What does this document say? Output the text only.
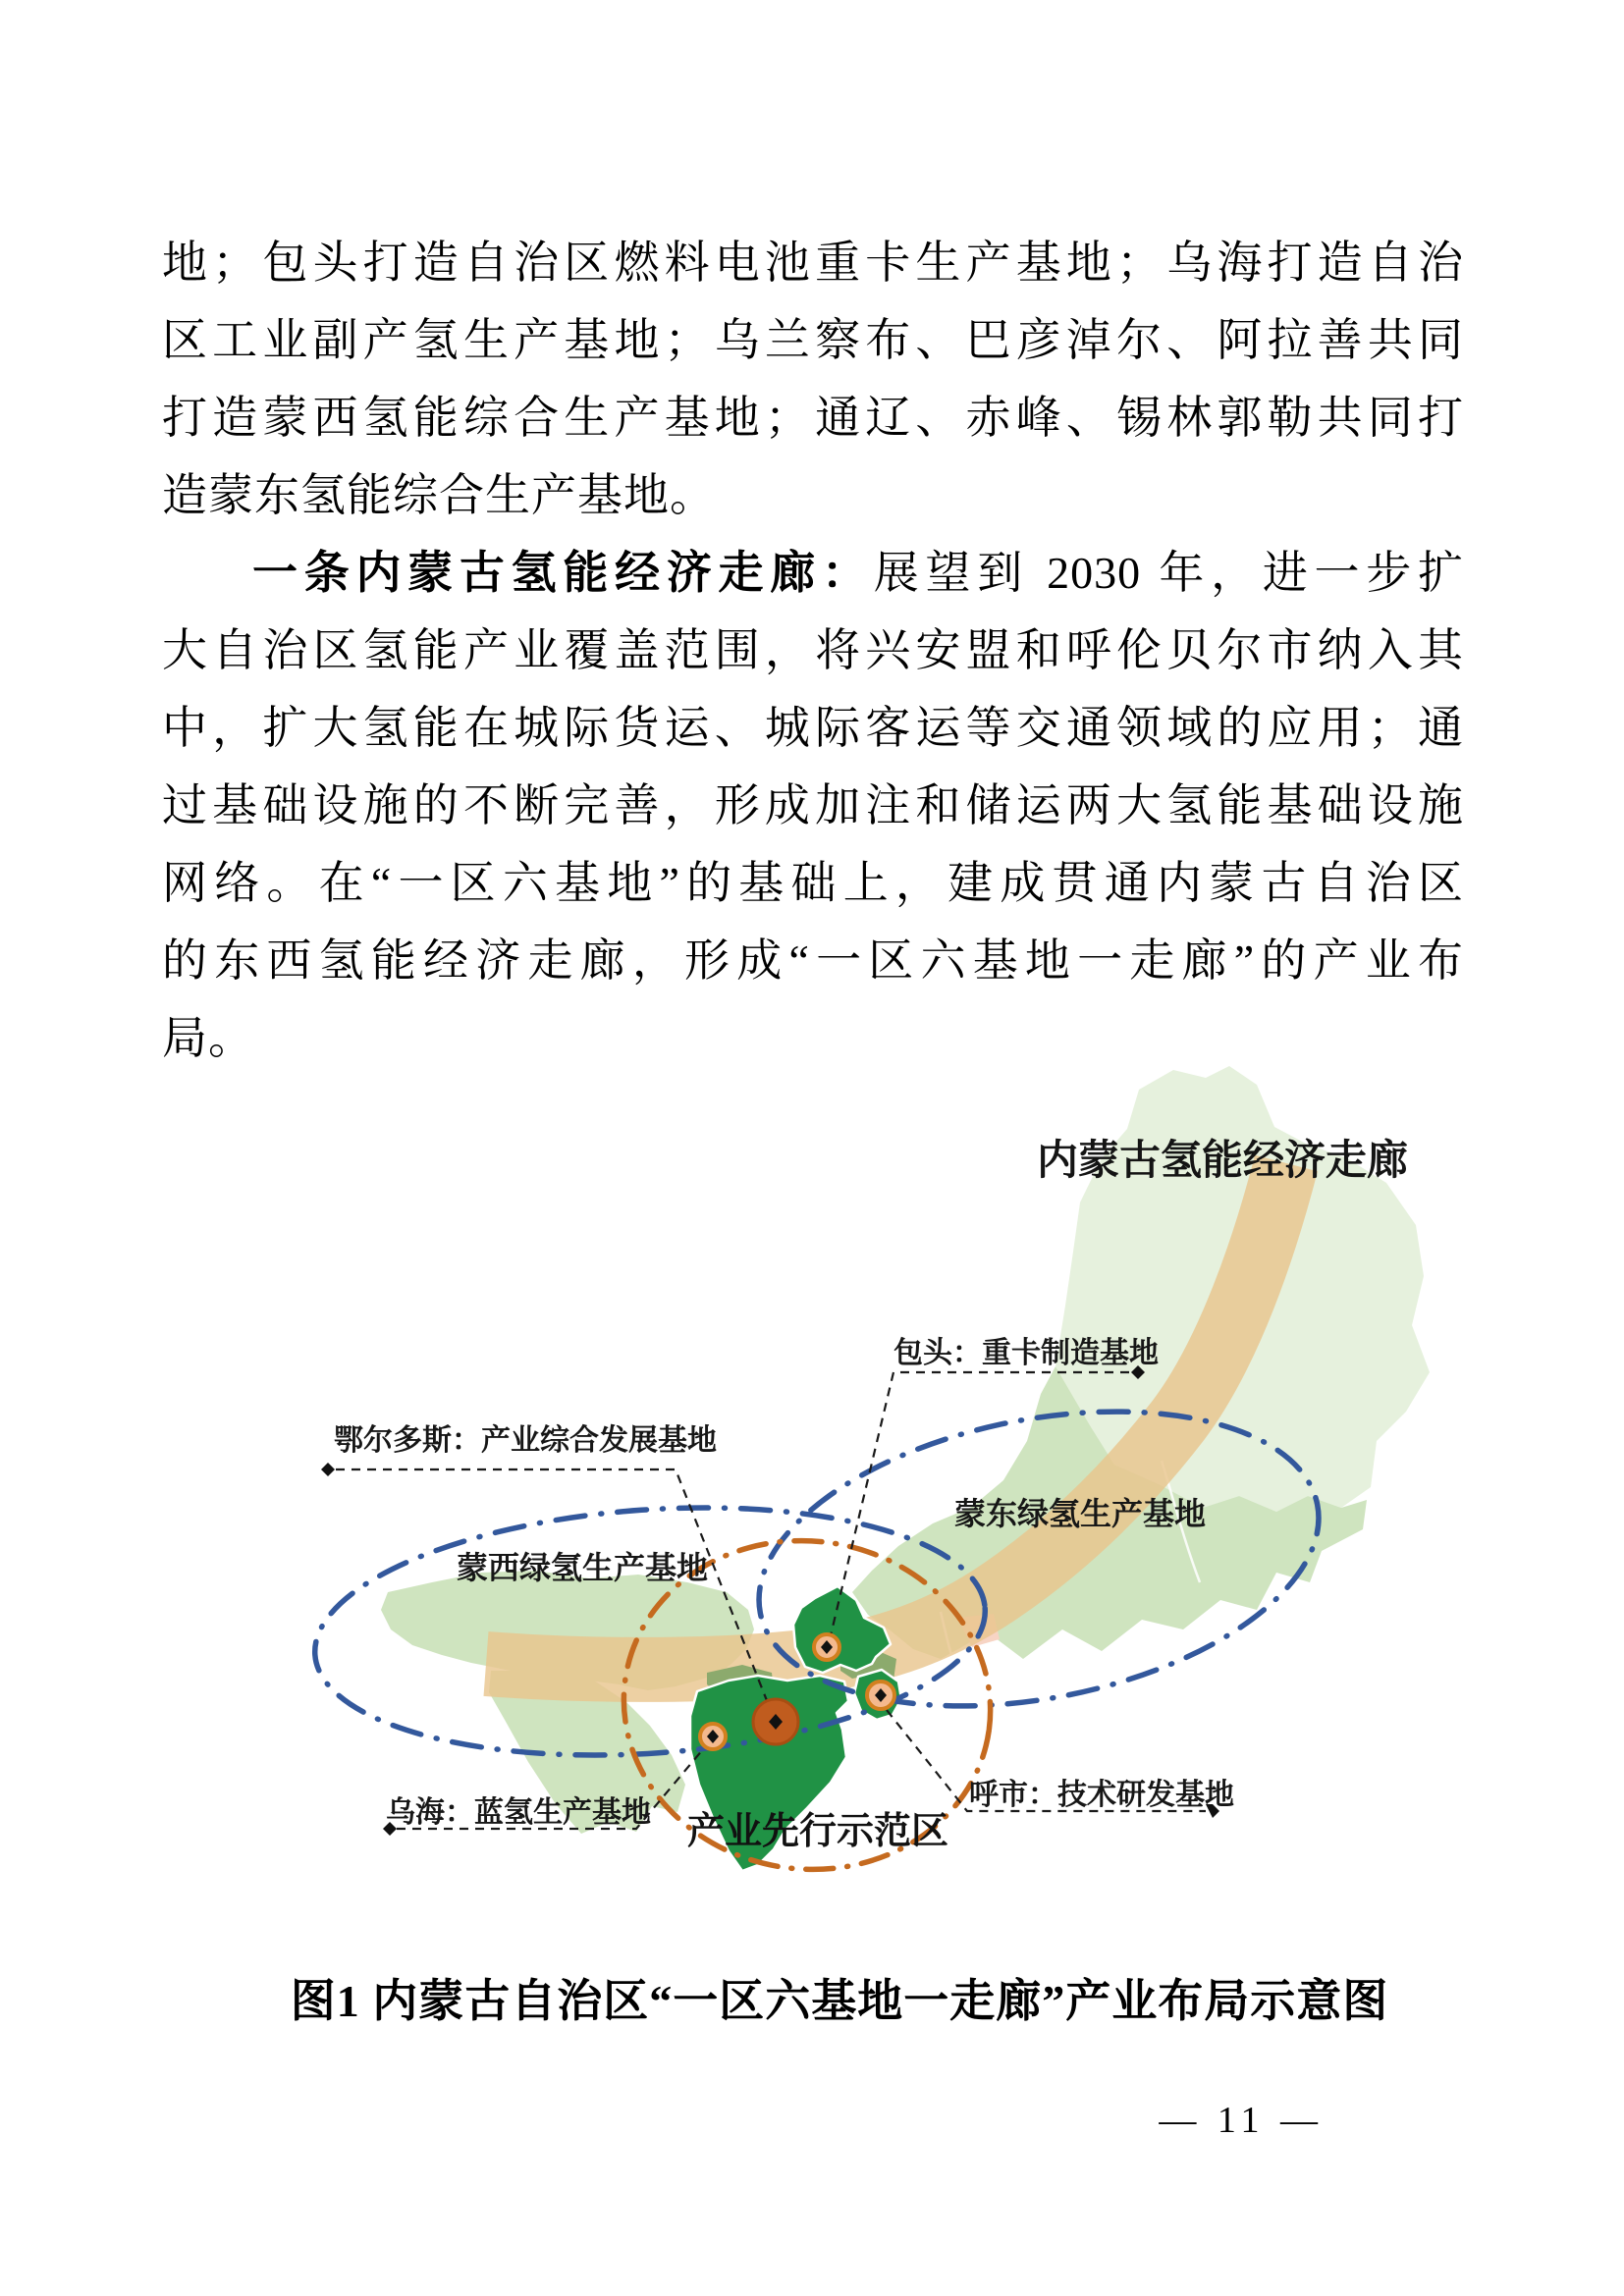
地；包头打造自治区燃料电池重卡生产基地；乌海打造自治
区工业副产氢生产基地；乌兰察布、巴彦淖尔、阿拉善共同
打造蒙西氢能综合生产基地；通辽、赤峰、锡林郭勒共同打
造蒙东氢能综合生产基地。
一条内蒙古氢能经济走廊：展望到 2030 年，进一步扩
大自治区氢能产业覆盖范围，将兴安盟和呼伦贝尔市纳入其
中，扩大氢能在城际货运、城际客运等交通领域的应用；通
过基础设施的不断完善，形成加注和储运两大氢能基础设施
网络。在“一区六基地”的基础上，建成贯通内蒙古自治区
的东西氢能经济走廊，形成“一区六基地一走廊”的产业布
局。
内蒙古氢能经济走廊
蒙东绿氢生产基地
蒙西绿氢生产基地
产业先行示范区
鄂尔多斯：产业综合发展基地
包头：重卡制造基地
乌海：蓝氢生产基地
呼市：技术研发基地
图1 内蒙古自治区“一区六基地一走廊”产业布局示意图
— 11 —
